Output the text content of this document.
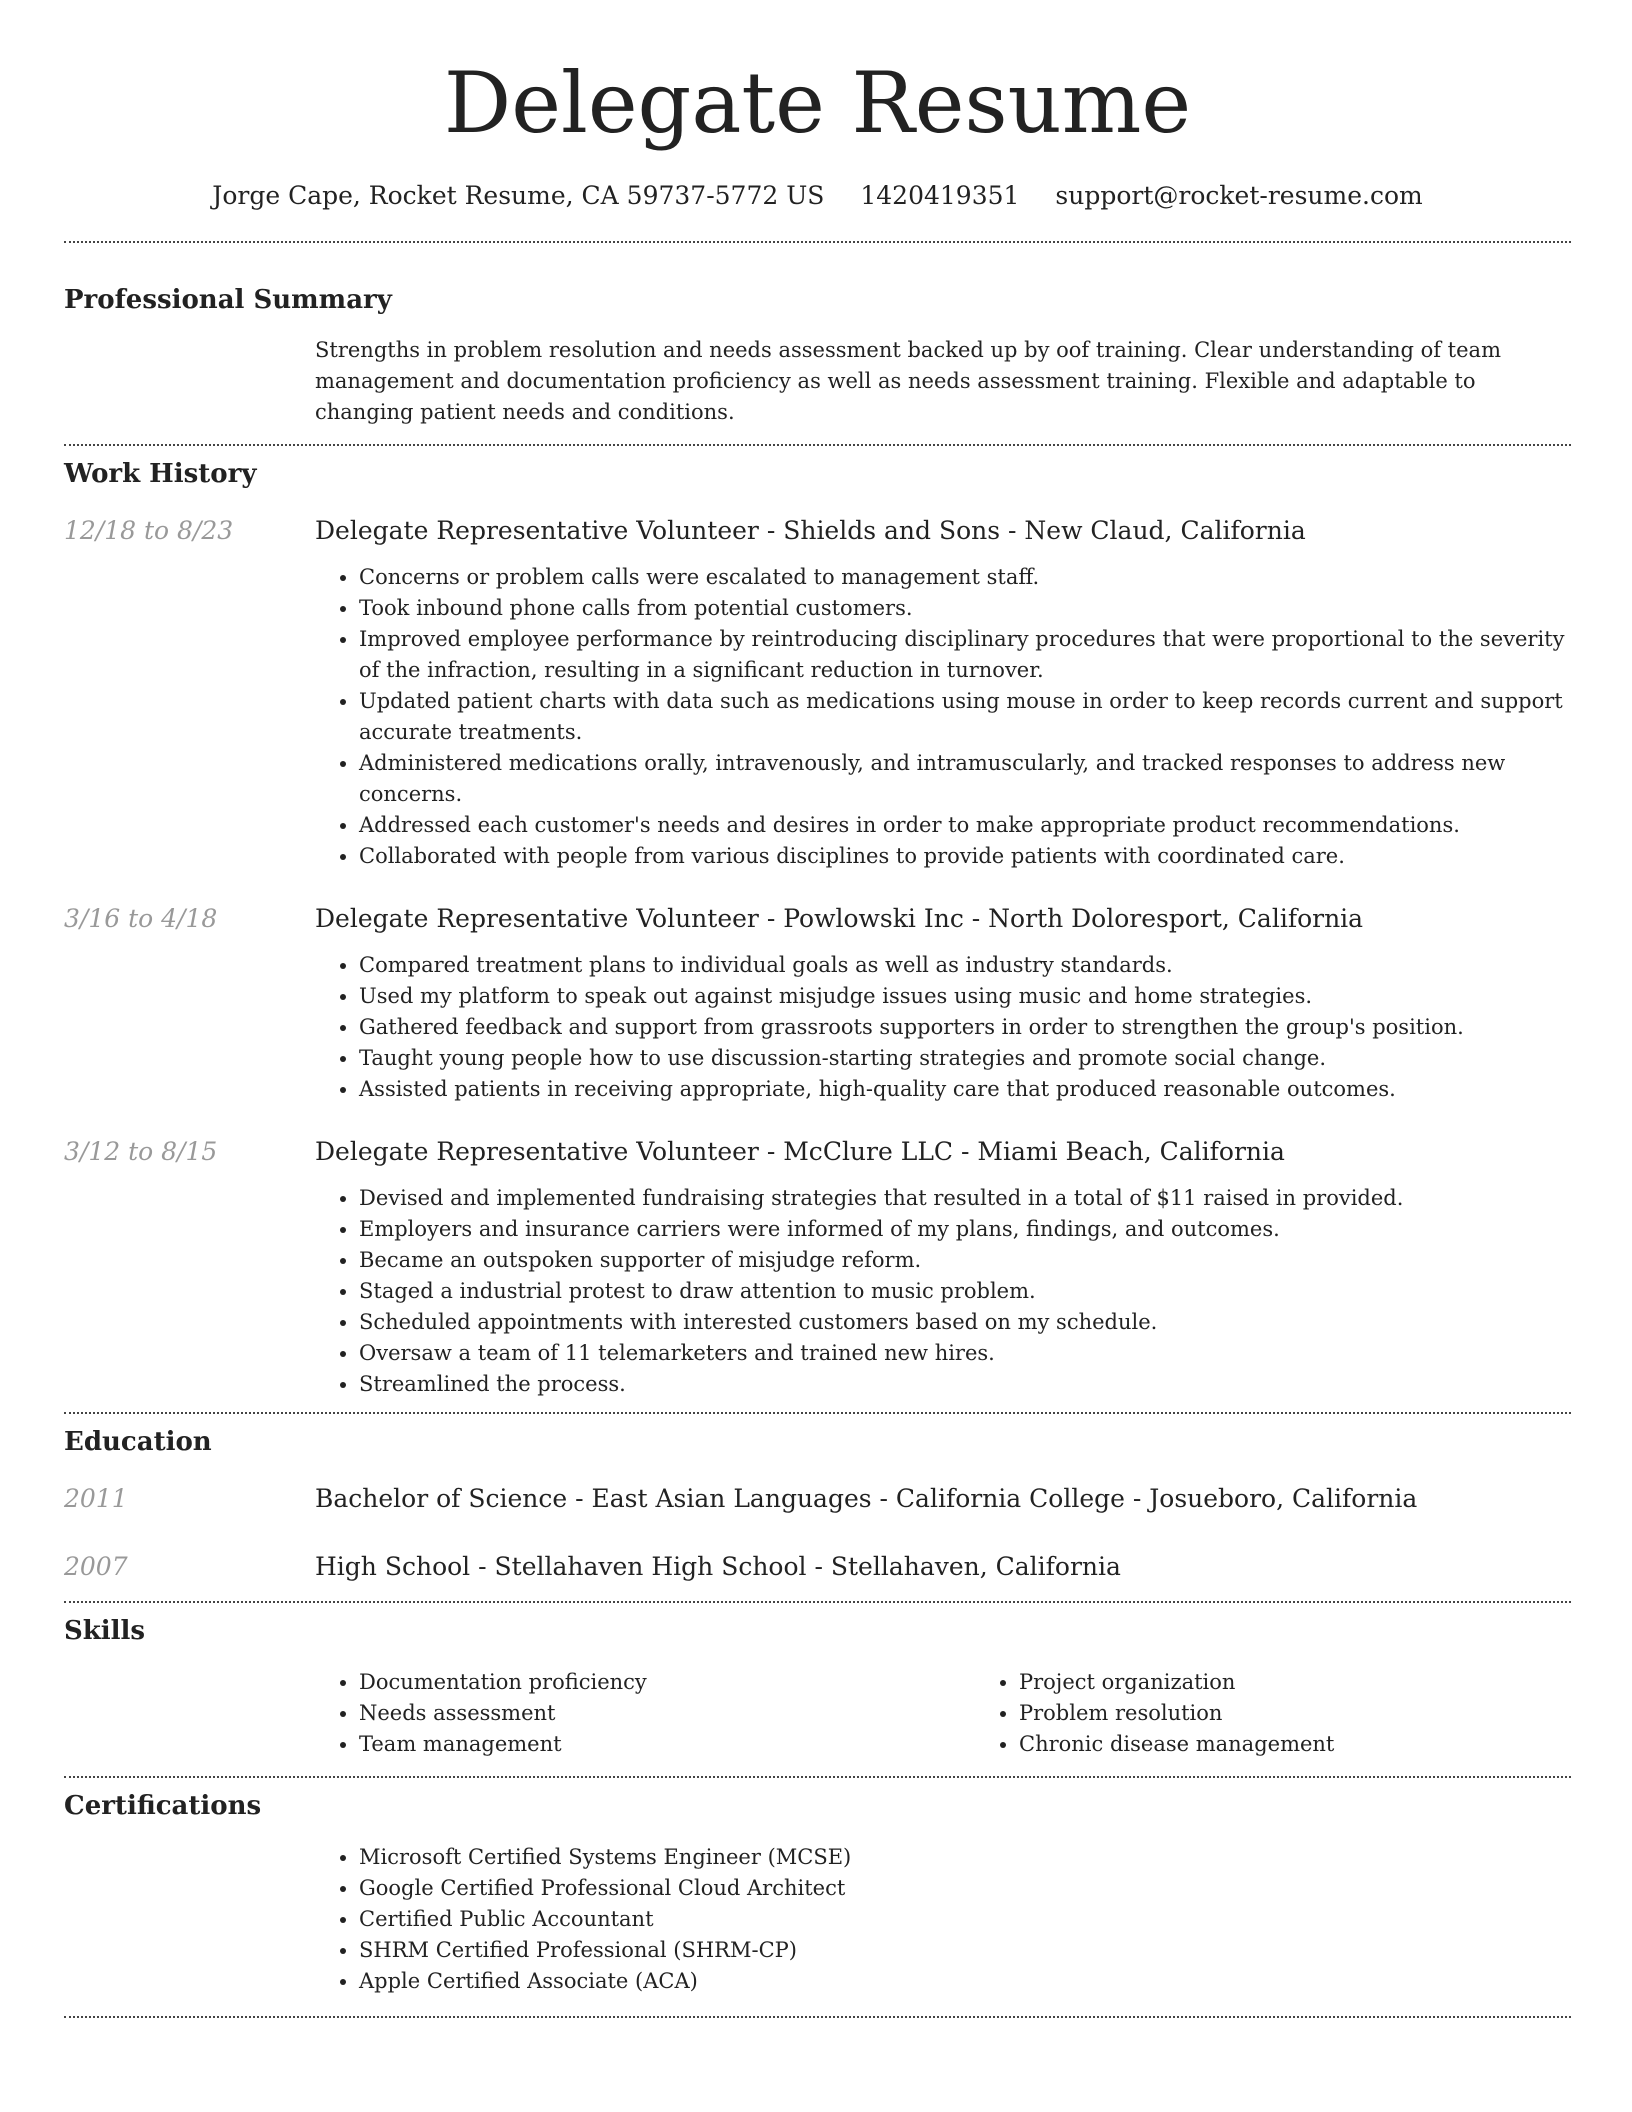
Delegate Resume
Jorge Cape, Rocket Resume, CA 59737-5772 US 1420419351 support@rocket-resume.com
Professional Summary
Strengths in problem resolution and needs assessment backed up by oof training. Clear understanding of team management and documentation proficiency as well as needs assessment training. Flexible and adaptable to changing patient needs and conditions.
Work History
12/18 to 8/23	Delegate Representative Volunteer - Shields and Sons - New Claud, California
• Concerns or problem calls were escalated to management staff.
• Took inbound phone calls from potential customers.
• Improved employee performance by reintroducing disciplinary procedures that were proportional to the severity of the infraction, resulting in a significant reduction in turnover.
• Updated patient charts with data such as medications using mouse in order to keep records current and support accurate treatments.
• Administered medications orally, intravenously, and intramuscularly, and tracked responses to address new concerns.
• Addressed each customer's needs and desires in order to make appropriate product recommendations.
• Collaborated with people from various disciplines to provide patients with coordinated care.
3/16 to 4/18	Delegate Representative Volunteer - Powlowski Inc - North Doloresport, California
• Compared treatment plans to individual goals as well as industry standards.
• Used my platform to speak out against misjudge issues using music and home strategies.
• Gathered feedback and support from grassroots supporters in order to strengthen the group's position.
• Taught young people how to use discussion-starting strategies and promote social change.
• Assisted patients in receiving appropriate, high-quality care that produced reasonable outcomes.
3/12 to 8/15	Delegate Representative Volunteer - McClure LLC - Miami Beach, California
• Devised and implemented fundraising strategies that resulted in a total of $11 raised in provided.
• Employers and insurance carriers were informed of my plans, findings, and outcomes.
• Became an outspoken supporter of misjudge reform.
• Staged a industrial protest to draw attention to music problem.
• Scheduled appointments with interested customers based on my schedule.
• Oversaw a team of 11 telemarketers and trained new hires.
• Streamlined the process.
Education
2011	Bachelor of Science - East Asian Languages - California College - Josueboro, California
2007	High School - Stellahaven High School - Stellahaven, California
Skills
• Documentation proficiency
• Needs assessment
• Team management
• Project organization
• Problem resolution
• Chronic disease management
Certifications
• Microsoft Certified Systems Engineer (MCSE)
• Google Certified Professional Cloud Architect
• Certified Public Accountant
• SHRM Certified Professional (SHRM-CP)
• Apple Certified Associate (ACA)
